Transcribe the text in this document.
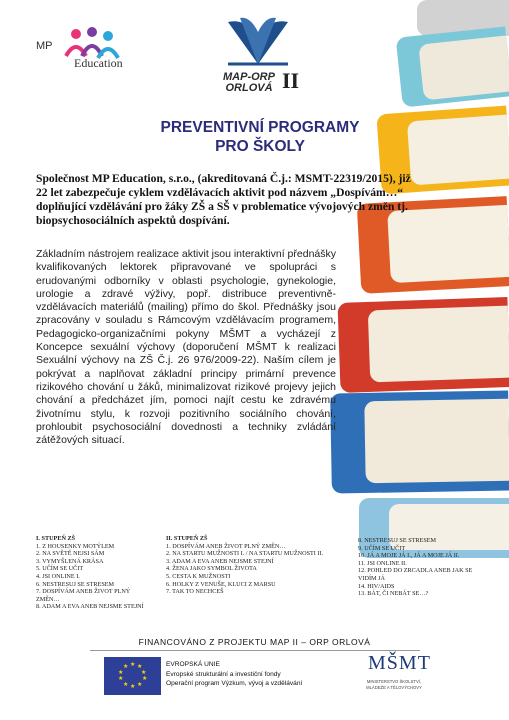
MP
Education
MAP-ORP
ORLOVÁ II
PREVENTIVNÍ PROGRAMY
PRO ŠKOLY
Společnost MP Education, s.r.o., (akreditovaná Č.j.: MSMT-22319/2015), již 22 let zabezpečuje cyklem vzdělávacích aktivit pod názvem „Dospívám…“ doplňující vzdělávání pro žáky ZŠ a SŠ v problematice vývojových změn tj. biopsychosociálních aspektů dospívání.
Základním nástrojem realizace aktivit jsou interaktivní přednášky kvalifikovaných lektorek připravované ve spolupráci s erudovanými odborníky v oblasti psychologie, gynekologie, urologie a zdravé výživy, popř. distribuce preventivně-vzdělávacích materiálů (mailing) přímo do škol. Přednášky jsou zpracovány v souladu s Rámcovým vzdělávacím programem, Pedagogicko-organizačními pokyny MŠMT a vycházejí z Koncepce sexuální výchovy (doporučení MŠMT k realizaci Sexuální výchovy na ZŠ Č.j. 26 976/2009-22). Naším cílem je pokrývat a naplňovat základní principy primární prevence rizikového chování u žáků, minimalizovat rizikové projevy jejich chování a předcházet jím, pomoci najít cestu ke zdravému životnímu stylu, k rozvoji pozitivního sociálního chování, prohloubit psychosociální dovednosti a techniky zvládání zátěžových situací.
I. STUPEŇ ZŠ
1. Z HOUSENKY MOTÝLEM
2. NA SVĚTĚ NEJSI SÁM
3. VYMYŠLENÁ KRÁSA
5. UČÍM SE UČIT
4. JSI ONLINE I.
6. NESTRESUJ SE STRESEM
7. DOSPÍVÁM ANEB ŽIVOT PLNÝ
ZMĚN…
8. ADAM A EVA ANEB NEJSME STEJNÍ
II. STUPEŇ ZŠ
1. DOSPÍVÁM ANEB ŽIVOT PLNÝ ZMĚN…
2. NA STARTU MUŽNOSTI I. / NA STARTU MUŽNOSTI II.
3. ADAM A EVA ANEB NEJSME STEJNÍ
4. ŽENA JAKO SYMBOL ŽIVOTA
5. CESTA K MUŽNOSTI
6. HOLKY Z VENUŠE, KLUCI Z MARSU
7. TAK TO NECHCEŠ
8. NESTRESUJ SE STRESEM
9. UČÍM SE UČIT
10. JÁ A MOJE JÁ I., JÁ A MOJE JÁ II.
11. JSI ONLINE II.
12. POHLED DO ZRCADLA ANEB JAK SE
VIDÍM JÁ
14. HIV/AIDS
13. BÁT, ČI NEBÁT SE…?
FINANCOVÁNO Z PROJEKTU MAP II – ORP ORLOVÁ
★ ★
★
★
★
★
★
★
★
★	EVROPSKÁ UNIE
Evropské strukturální a investiční fondy
Operační program Výzkum, vývoj a vzdělávání
MŠMT
MINISTERSTVO ŠKOLSTVÍ,
MLÁDEŽE A TĚLOVÝCHOVY
